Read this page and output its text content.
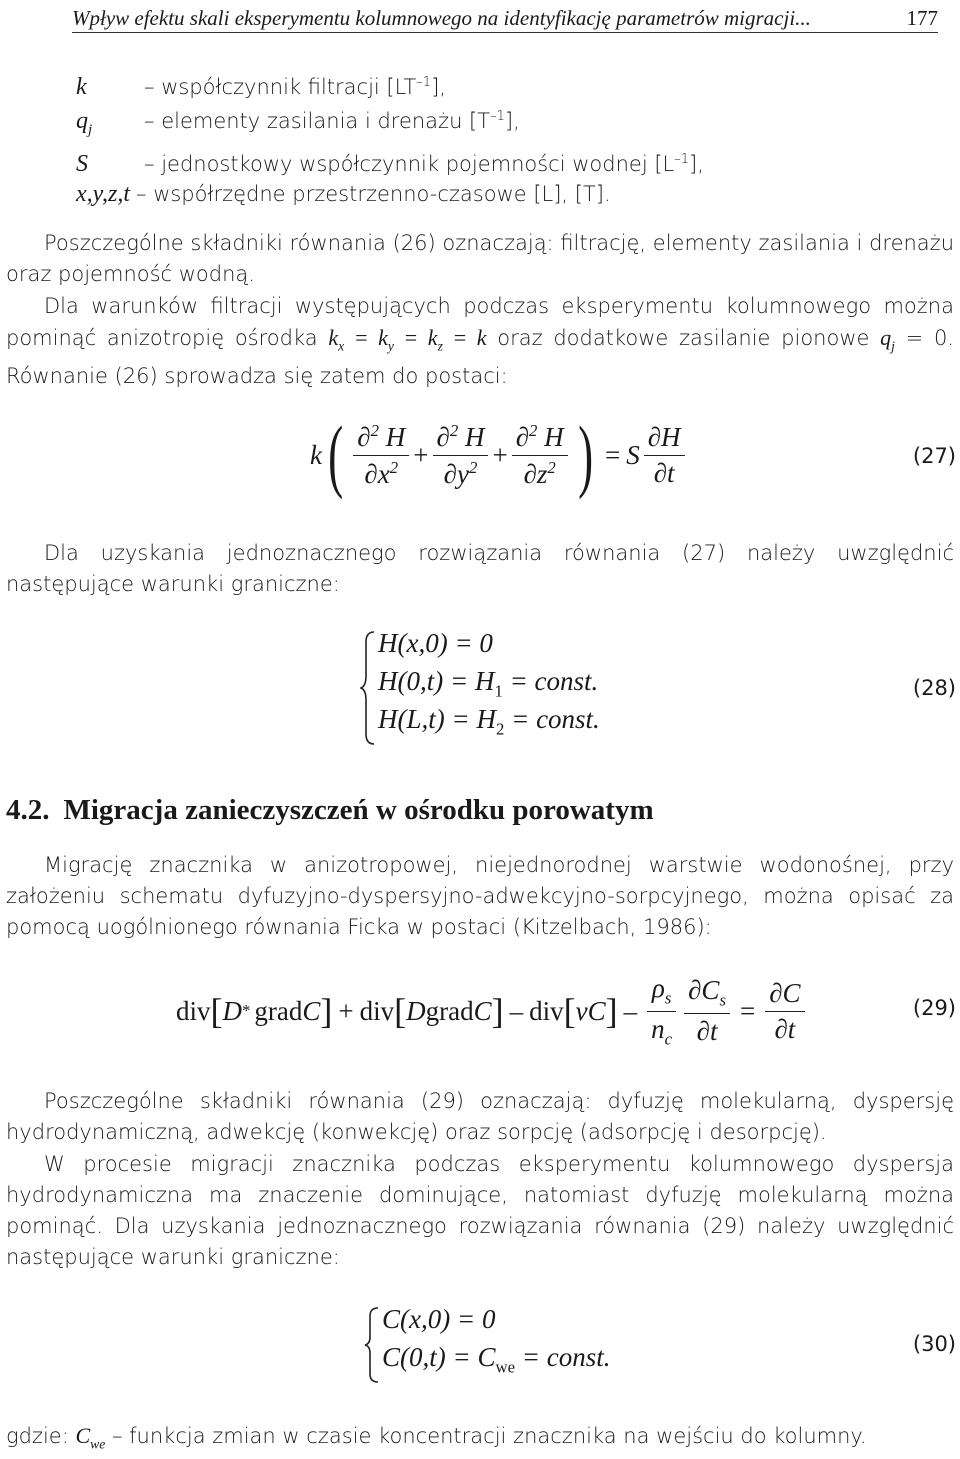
Wpływ efektu skali eksperymentu kolumnowego na identyfikację parametrów migracji...	177
k	– współczynnik filtracji $[LT^{-1}]$,
$q_j$ – elementy zasilania i drenażu $[T^{-1}]$,
S	– jednostkowy współczynnik pojemności wodnej $[L^{-1}]$,
x,y,z,t – współrzędne przestrzenno-czasowe [L], [T].
Poszczególne składniki równania (26) oznaczają: filtrację, elementy zasilania i drenażu oraz pojemność wodną.
Dla warunków filtracji występujących podczas eksperymentu kolumnowego można pominąć anizotropię ośrodka $k_x = k_y = k_z = k$ oraz dodatkowe zasilanie pionowe $q_j = 0$. Równanie (26) sprowadza się zatem do postaci:
k ( $\frac{\partial^2 H}{\partial x^2} + \frac{\partial^2 H}{\partial y^2} + \frac{\partial^2 H}{\partial z^2}$ ) = S $\frac{\partial H}{\partial t}$	(27)
Dla uzyskania jednoznacznego rozwiązania równania (27) należy uwzględnić następujące warunki graniczne:
H(x,0) = 0
$H(0,t) = H_1$ = const.
$H(L,t) = H_2$ = const.
(28)
4.2. Migracja zanieczyszczeń w ośrodku porowatym
Migrację znacznika w anizotropowej, niejednorodnej warstwie wodonośnej, przy założeniu schematu dyfuzyjno-dyspersyjno-adwekcyjno-sorpcyjnego, można opisać za pomocą uogólnionego równania Ficka w postaci (Kitzelbach, 1986):
div [ D * grad C ] + div [ D grad C ] – div [ vC ] – $\frac{\rho_s}{n_c} \frac{\partial C_s}{\partial t} = \frac{\partial C}{\partial t}$	(29)
Poszczególne składniki równania (29) oznaczają: dyfuzję molekularną, dyspersję hydrodynamiczną, adwekcję (konwekcję) oraz sorpcję (adsorpcję i desorpcję).
W procesie migracji znacznika podczas eksperymentu kolumnowego dyspersja hydrodynamiczna ma znaczenie dominujące, natomiast dyfuzję molekularną można pominąć. Dla uzyskania jednoznacznego rozwiązania równania (29) należy uwzględnić następujące warunki graniczne:
C(x,0) = 0
$C(0,t) = C_{we}$ = const.	(30)
gdzie: $C_{we}$ – funkcja zmian w czasie koncentracji znacznika na wejściu do kolumny.
